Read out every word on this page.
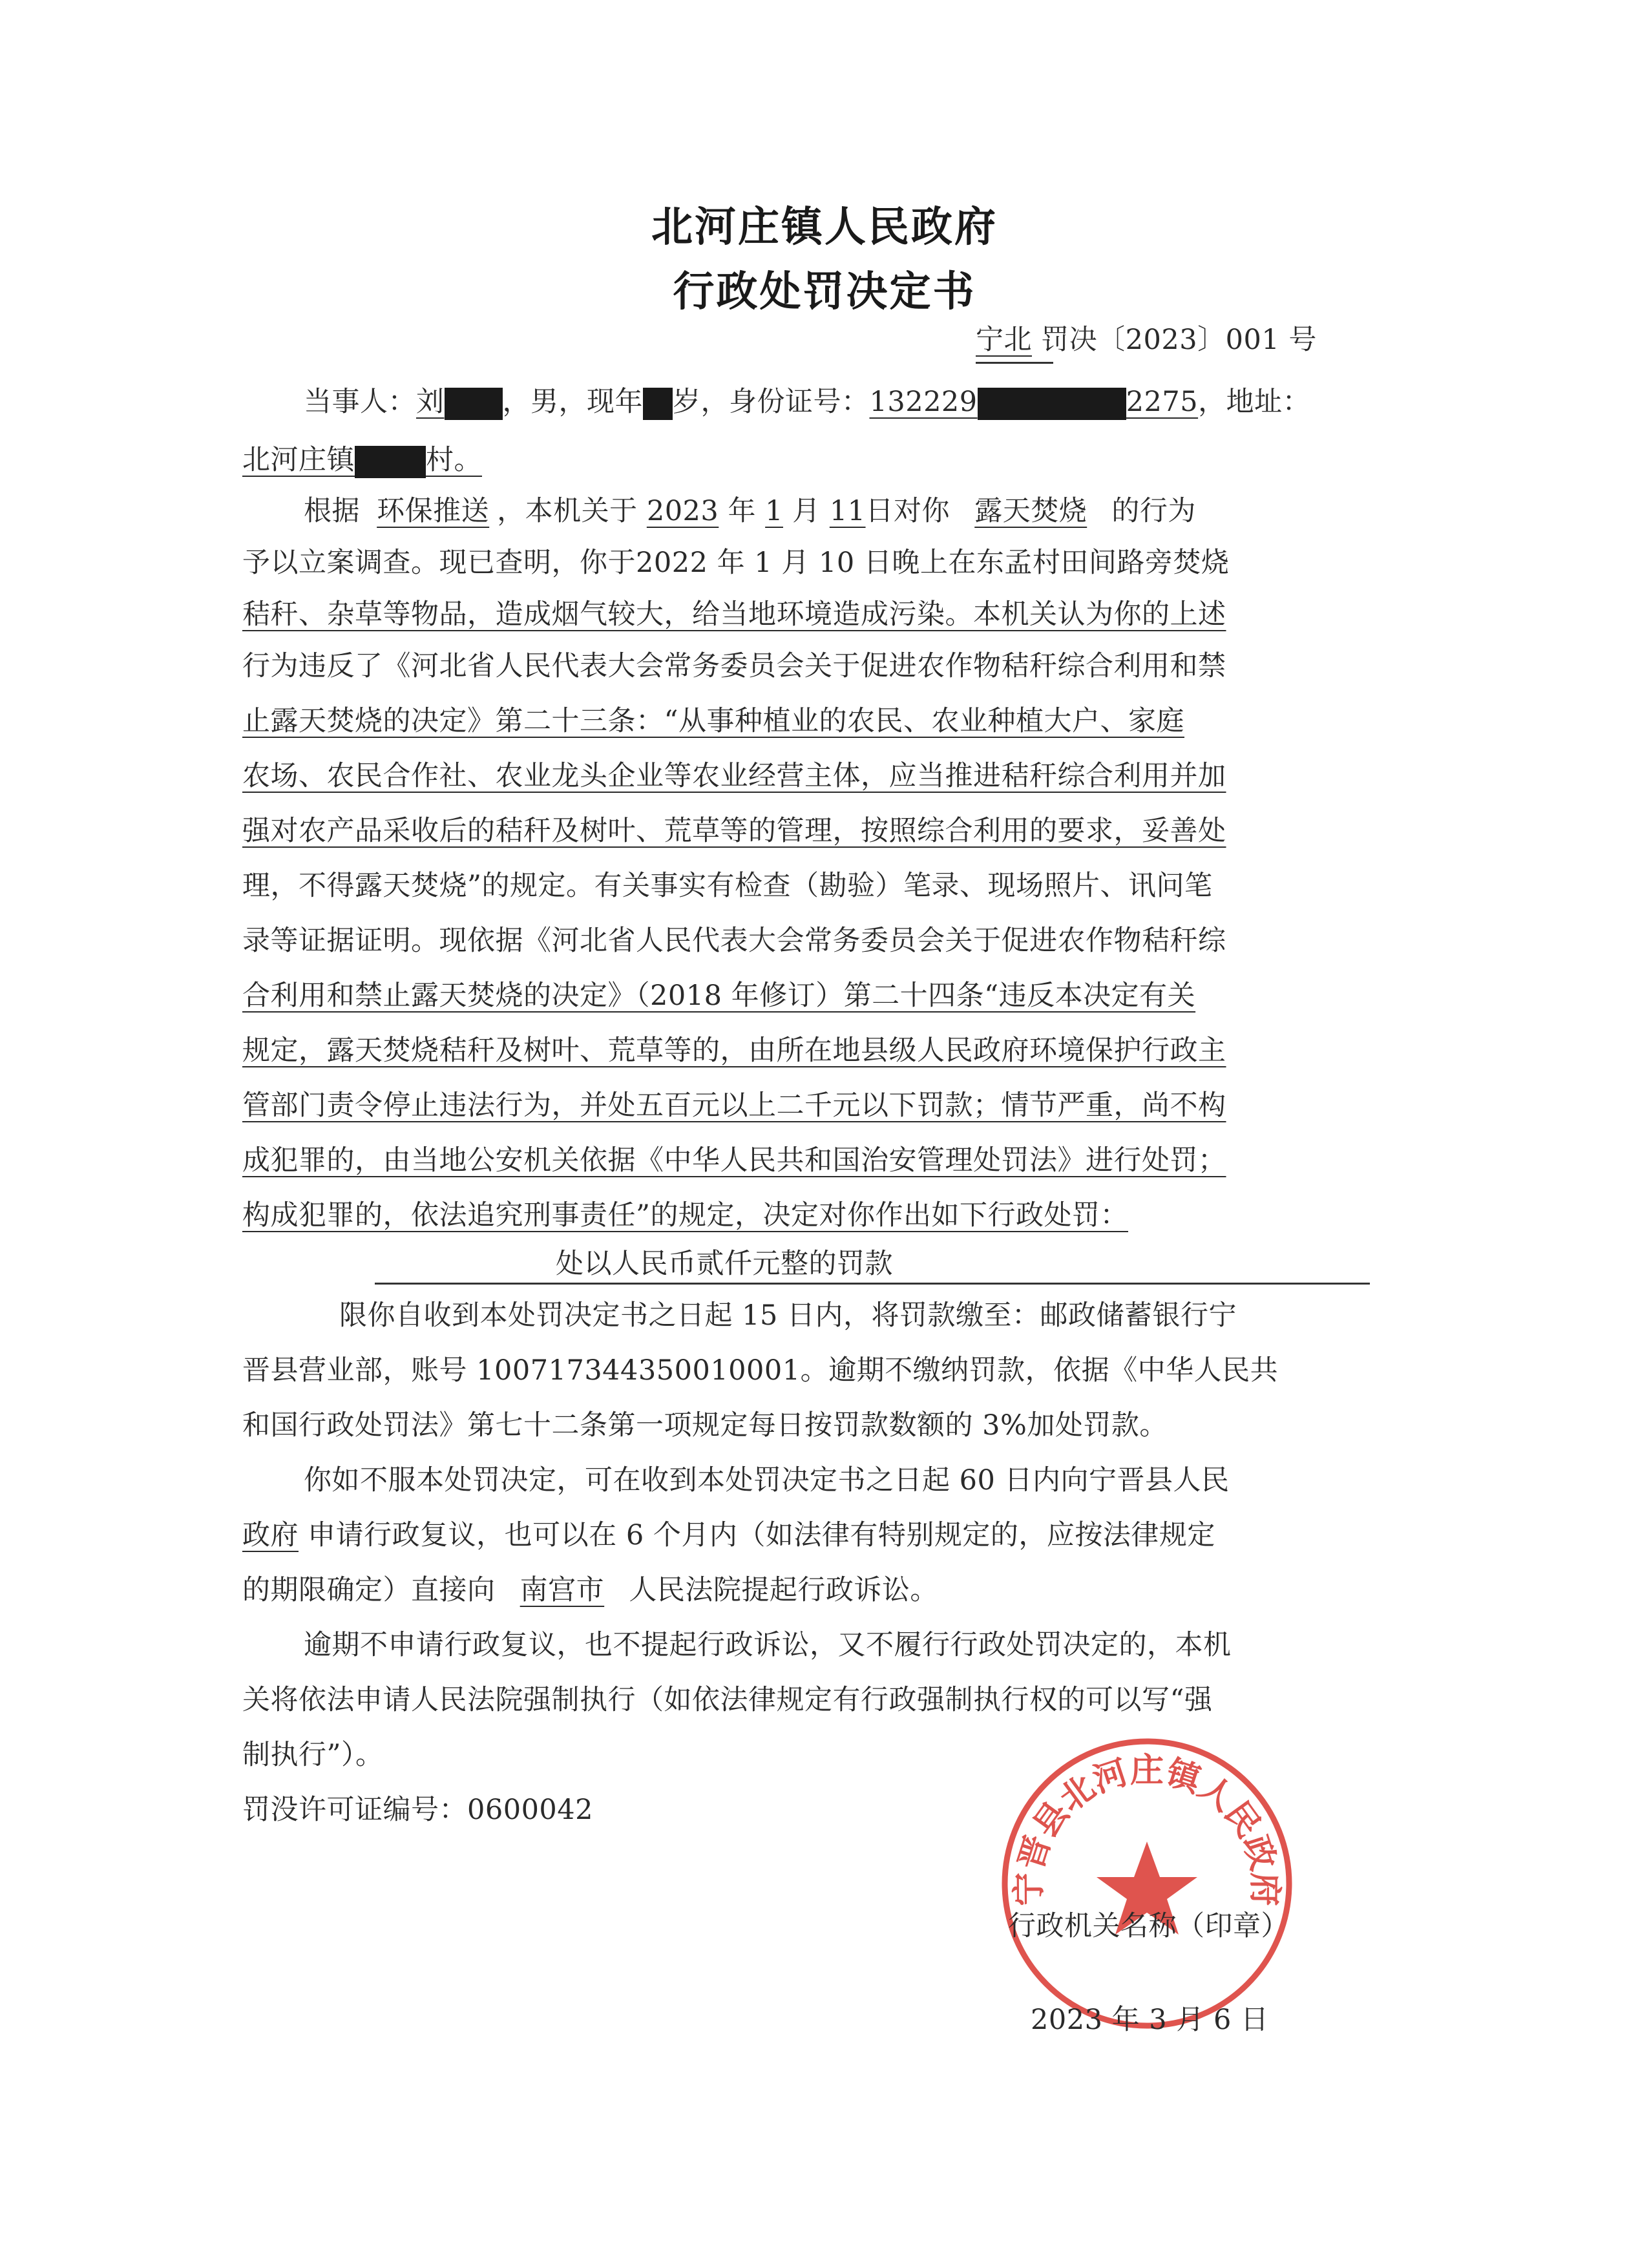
北河庄镇人民政府
行政处罚决定书
宁北 罚决〔2023〕001 号
当事人：刘 ，男，现年 岁，身份证号：132229	2275，地址：
北河庄镇	村。
根据 环保推送 ，本机关于 2023 年 1 月 11日对你 露天焚烧 的行为
予以立案调查。现已查明，你于2022 年 1 月 10 日晚上在东孟村田间路旁焚烧
秸秆、杂草等物品，造成烟气较大，给当地环境造成污染。本机关认为你的上述
行为违反了《河北省人民代表大会常务委员会关于促进农作物秸秆综合利用和禁
止露天焚烧的决定》第二十三条：“从事种植业的农民、农业种植大户、家庭
农场、农民合作社、农业龙头企业等农业经营主体，应当推进秸秆综合利用并加
强对农产品采收后的秸秆及树叶、荒草等的管理，按照综合利用的要求，妥善处
理，不得露天焚烧”的规定。有关事实有检查（勘验）笔录、现场照片、讯问笔
录等证据证明。现依据《河北省人民代表大会常务委员会关于促进农作物秸秆综
合利用和禁止露天焚烧的决定》（2018 年修订）第二十四条“违反本决定有关
规定，露天焚烧秸秆及树叶、荒草等的，由所在地县级人民政府环境保护行政主
管部门责令停止违法行为，并处五百元以上二千元以下罚款；情节严重，尚不构
成犯罪的，由当地公安机关依据《中华人民共和国治安管理处罚法》进行处罚；
构成犯罪的，依法追究刑事责任”的规定，决定对你作出如下行政处罚：
处以人民币贰仟元整的罚款
限你自收到本处罚决定书之日起 15 日内，将罚款缴至：邮政储蓄银行宁
晋县营业部，账号 100717344350010001。逾期不缴纳罚款，依据《中华人民共
和国行政处罚法》第七十二条第一项规定每日按罚款数额的 3%加处罚款。
你如不服本处罚决定，可在收到本处罚决定书之日起 60 日内向宁晋县人民
政府 申请行政复议，也可以在 6 个月内（如法律有特别规定的，应按法律规定
的期限确定）直接向 南宫市 人民法院提起行政诉讼。
逾期不申请行政复议，也不提起行政诉讼，又不履行行政处罚决定的，本机
关将依法申请人民法院强制执行（如依法律规定有行政强制执行权的可以写“强
制执行”）。
罚没许可证编号：0600042
宁晋县北河庄镇人民政府
行政机关名称（印章）
2023 年 3 月 6 日
